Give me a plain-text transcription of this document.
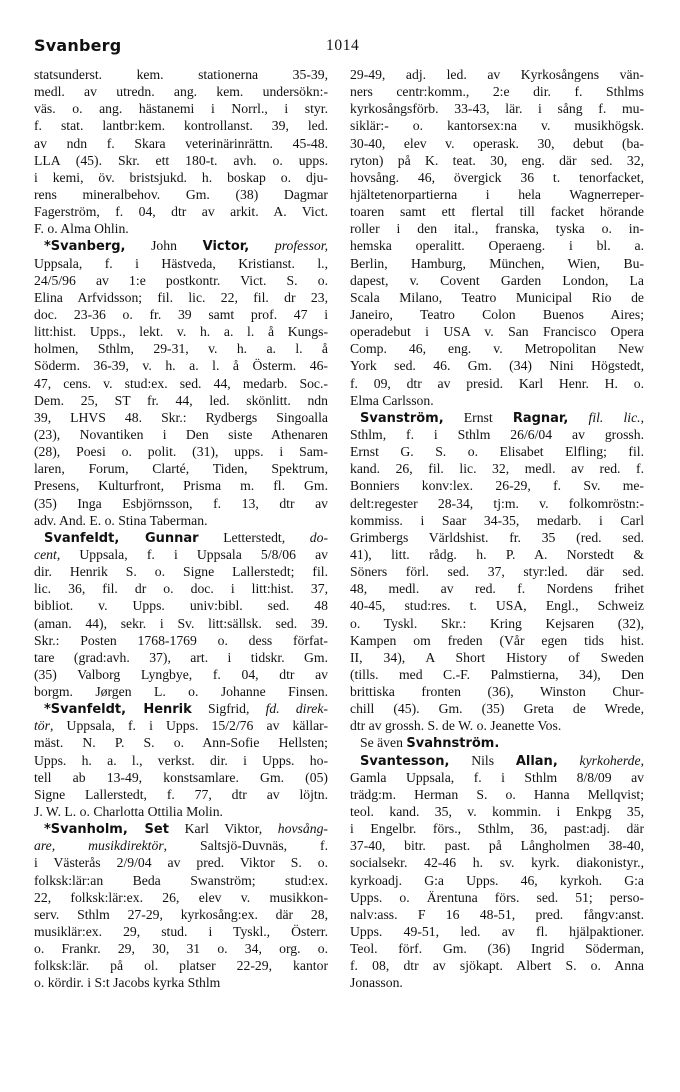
Svanberg	1014
statsunderst. kem. stationerna 35-39,
medl. av utredn. ang. kem. undersökn:-
väs. o. ang. hästanemi i Norrl., i styr.
f. stat. lantbr:kem. kontrollanst. 39, led.
av ndn f. Skara veterinärinrättn. 45-48.
LLA (45). Skr. ett 180-t. avh. o. upps.
i kemi, öv. bristsjukd. h. boskap o. dju-
rens mineralbehov. Gm. (38) Dagmar
Fagerström, f. 04, dtr av arkit. A. Vict.
F. o. Alma Ohlin.
*Svanberg, John Victor, professor,
Uppsala, f. i Hästveda, Kristianst. l.,
24/5/96 av 1:e postkontr. Vict. S. o.
Elina Arfvidsson; fil. lic. 22, fil. dr 23,
doc. 23-36 o. fr. 39 samt prof. 47 i
litt:hist. Upps., lekt. v. h. a. l. å Kungs-
holmen, Sthlm, 29-31, v. h. a. l. å
Söderm. 36-39, v. h. a. l. å Österm. 46-
47, cens. v. stud:ex. sed. 44, medarb. Soc.-
Dem. 25, ST fr. 44, led. skönlitt. ndn
39, LHVS 48. Skr.: Rydbergs Singoalla
(23), Novantiken i Den siste Athenaren
(28), Poesi o. polit. (31), upps. i Sam-
laren, Forum, Clarté, Tiden, Spektrum,
Presens, Kulturfront, Prisma m. fl. Gm.
(35) Inga Esbjörnsson, f. 13, dtr av
adv. And. E. o. Stina Taberman.
Svanfeldt, Gunnar Letterstedt, do-
cent, Uppsala, f. i Uppsala 5/8/06 av
dir. Henrik S. o. Signe Lallerstedt; fil.
lic. 36, fil. dr o. doc. i litt:hist. 37,
bibliot. v. Upps. univ:bibl. sed. 48
(aman. 44), sekr. i Sv. litt:sällsk. sed. 39.
Skr.: Posten 1768-1769 o. dess förfat-
tare (grad:avh. 37), art. i tidskr. Gm.
(35) Valborg Lyngbye, f. 04, dtr av
borgm. Jørgen L. o. Johanne Finsen.
*Svanfeldt, Henrik Sigfrid, fd. direk-
tör, Uppsala, f. i Upps. 15/2/76 av källar-
mäst. N. P. S. o. Ann-Sofie Hellsten;
Upps. h. a. l., verkst. dir. i Upps. ho-
tell ab 13-49, konstsamlare. Gm. (05)
Signe Lallerstedt, f. 77, dtr av löjtn.
J. W. L. o. Charlotta Ottilia Molin.
*Svanholm, Set Karl Viktor, hovsång-
are, musikdirektör, Saltsjö-Duvnäs, f.
i Västerås 2/9/04 av pred. Viktor S. o.
folksk:lär:an Beda Swanström; stud:ex.
22, folksk:lär:ex. 26, elev v. musikkon-
serv. Sthlm 27-29, kyrkosång:ex. där 28,
musiklär:ex. 29, stud. i Tyskl., Österr.
o. Frankr. 29, 30, 31 o. 34, org. o.
folksk:lär. på ol. platser 22-29, kantor
o. kördir. i S:t Jacobs kyrka Sthlm
29-49, adj. led. av Kyrkosångens vän-
ners centr:komm., 2:e dir. f. Sthlms
kyrkosångsförb. 33-43, lär. i sång f. mu-
siklär:- o. kantorsex:na v. musikhögsk.
30-40, elev v. operask. 30, debut (ba-
ryton) på K. teat. 30, eng. där sed. 32,
hovsång. 46, övergick 36 t. tenorfacket,
hjältetenorpartierna i hela Wagnerreper-
toaren samt ett flertal till facket hörande
roller i den ital., franska, tyska o. in-
hemska operalitt. Operaeng. i bl. a.
Berlin, Hamburg, München, Wien, Bu-
dapest, v. Covent Garden London, La
Scala Milano, Teatro Municipal Rio de
Janeiro, Teatro Colon Buenos Aires;
operadebut i USA v. San Francisco Opera
Comp. 46, eng. v. Metropolitan New
York sed. 46. Gm. (34) Nini Högstedt,
f. 09, dtr av presid. Karl Henr. H. o.
Elma Carlsson.
Svanström, Ernst Ragnar, fil. lic.,
Sthlm, f. i Sthlm 26/6/04 av grossh.
Ernst G. S. o. Elisabet Elfling; fil.
kand. 26, fil. lic. 32, medl. av red. f.
Bonniers konv:lex. 26-29, f. Sv. me-
delt:regester 28-34, tj:m. v. folkomröstn:-
kommiss. i Saar 34-35, medarb. i Carl
Grimbergs Världshist. fr. 35 (red. sed.
41), litt. rådg. h. P. A. Norstedt &
Söners förl. sed. 37, styr:led. där sed.
48, medl. av red. f. Nordens frihet
40-45, stud:res. t. USA, Engl., Schweiz
o. Tyskl. Skr.: Kring Kejsaren (32),
Kampen om freden (Vår egen tids hist.
II, 34), A Short History of Sweden
(tills. med C.-F. Palmstierna, 34), Den
brittiska fronten (36), Winston Chur-
chill (45). Gm. (35) Greta de Wrede,
dtr av grossh. S. de W. o. Jeanette Vos.
Se även Svahnström.
Svantesson, Nils Allan, kyrkoherde,
Gamla Uppsala, f. i Sthlm 8/8/09 av
trädg:m. Herman S. o. Hanna Mellqvist;
teol. kand. 35, v. kommin. i Enkpg 35,
i Engelbr. förs., Sthlm, 36, past:adj. där
37-40, bitr. past. på Långholmen 38-40,
socialsekr. 42-46 h. sv. kyrk. diakonistyr.,
kyrkoadj. G:a Upps. 46, kyrkoh. G:a
Upps. o. Ärentuna förs. sed. 51; perso-
nalv:ass. F 16 48-51, pred. fångv:anst.
Upps. 49-51, led. av fl. hjälpaktioner.
Teol. förf. Gm. (36) Ingrid Söderman,
f. 08, dtr av sjökapt. Albert S. o. Anna
Jonasson.
